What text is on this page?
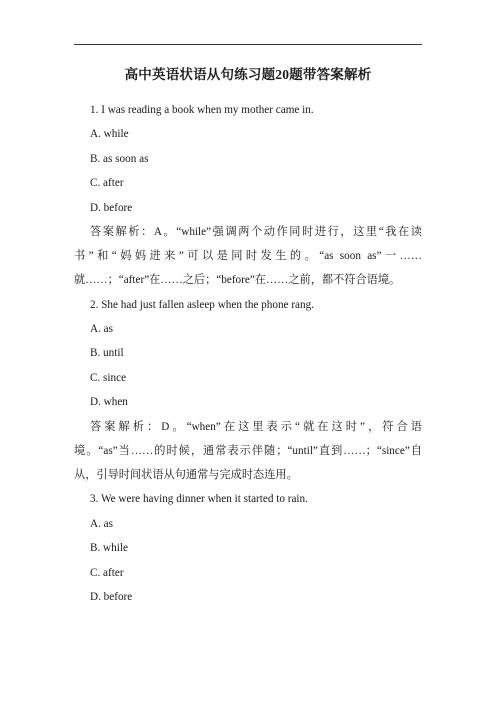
高中英语状语从句练习题20题带答案解析

1. I was reading a book when my mother came in.

A. while

B. as soon as

C. after

D. before

答案解析：A。“while”强调两个动作同时进行，这里“我在读书”和“妈妈进来”可以是同时发生的。“as soon as”一……就……；“after”在……之后；“before”在……之前，都不符合语境。

2. She had just fallen asleep when the phone rang.

A. as

B. until

C. since

D. when

答案解析：D。“when”在这里表示“就在这时”，符合语境。“as”当……的时候，通常表示伴随；“until”直到……；“since”自从，引导时间状语从句通常与完成时态连用。

3. We were having dinner when it started to rain.

A. as

B. while

C. after

D. before
